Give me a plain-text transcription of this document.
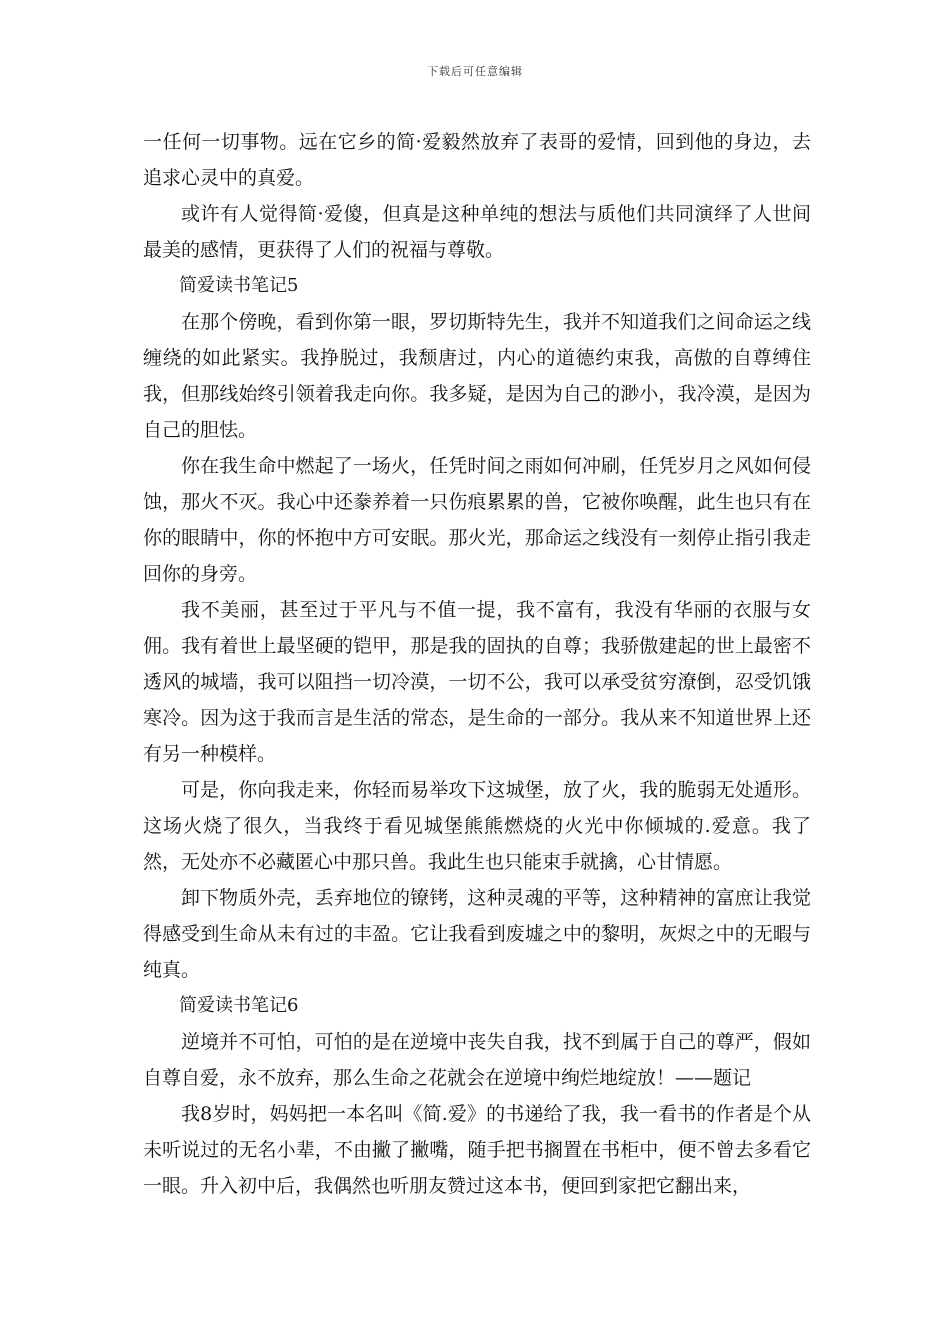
下载后可任意编辑

一任何一切事物。远在它乡的简·爱毅然放弃了表哥的爱情，回到他的身边，去追求心灵中的真爱。

或许有人觉得简·爱傻，但真是这种单纯的想法与质他们共同演绎了人世间最美的感情，更获得了人们的祝福与尊敬。

简爱读书笔记5

在那个傍晚，看到你第一眼，罗切斯特先生，我并不知道我们之间命运之线缠绕的如此紧实。我挣脱过，我颓唐过，内心的道德约束我，高傲的自尊缚住我，但那线始终引领着我走向你。我多疑，是因为自己的渺小，我冷漠，是因为自己的胆怯。

你在我生命中燃起了一场火，任凭时间之雨如何冲刷，任凭岁月之风如何侵蚀，那火不灭。我心中还豢养着一只伤痕累累的兽，它被你唤醒，此生也只有在你的眼睛中，你的怀抱中方可安眠。那火光，那命运之线没有一刻停止指引我走回你的身旁。

我不美丽，甚至过于平凡与不值一提，我不富有，我没有华丽的衣服与女佣。我有着世上最坚硬的铠甲，那是我的固执的自尊；我骄傲建起的世上最密不透风的城墙，我可以阻挡一切冷漠，一切不公，我可以承受贫穷潦倒，忍受饥饿寒冷。因为这于我而言是生活的常态，是生命的一部分。我从来不知道世界上还有另一种模样。

可是，你向我走来，你轻而易举攻下这城堡，放了火，我的脆弱无处遁形。这场火烧了很久，当我终于看见城堡熊熊燃烧的火光中你倾城的.爱意。我了然，无处亦不必藏匿心中那只兽。我此生也只能束手就擒，心甘情愿。

卸下物质外壳，丢弃地位的镣铐，这种灵魂的平等，这种精神的富庶让我觉得感受到生命从未有过的丰盈。它让我看到废墟之中的黎明，灰烬之中的无暇与纯真。

简爱读书笔记6

逆境并不可怕，可怕的是在逆境中丧失自我，找不到属于自己的尊严，假如自尊自爱，永不放弃，那么生命之花就会在逆境中绚烂地绽放！——题记

我8岁时，妈妈把一本名叫《简.爱》的书递给了我，我一看书的作者是个从未听说过的无名小辈，不由撇了撇嘴，随手把书搁置在书柜中，便不曾去多看它一眼。升入初中后，我偶然也听朋友赞过这本书，便回到家把它翻出来，
